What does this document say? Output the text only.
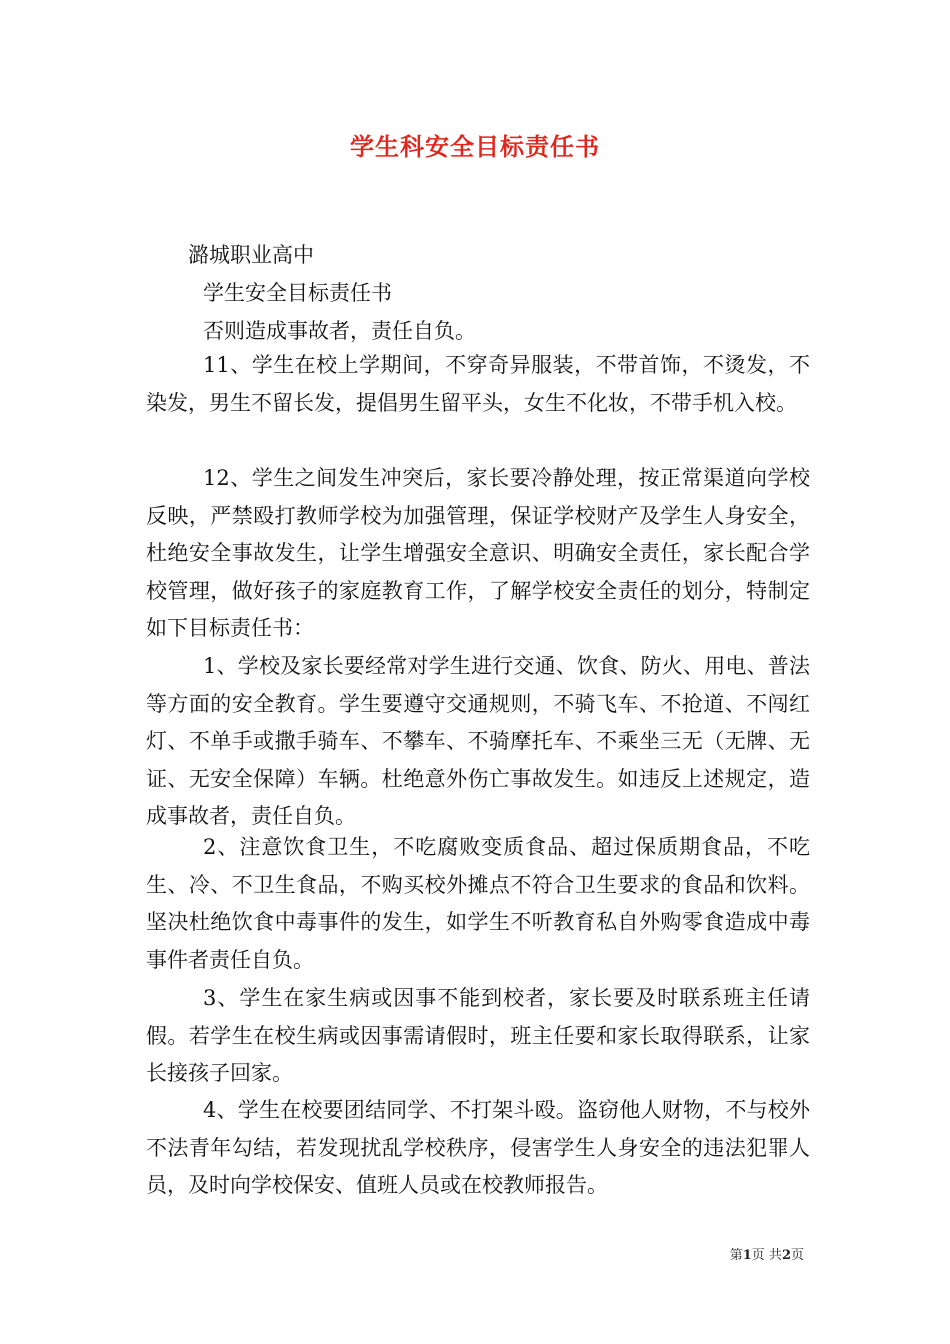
学生科安全目标责任书
潞城职业高中
学生安全目标责任书
否则造成事故者，责任自负。

11、学生在校上学期间，不穿奇异服装，不带首饰，不烫发，不染发，男生不留长发，提倡男生留平头，女生不化妆，不带手机入校。

12、学生之间发生冲突后，家长要冷静处理，按正常渠道向学校反映，严禁殴打教师学校为加强管理，保证学校财产及学生人身安全，杜绝安全事故发生，让学生增强安全意识、明确安全责任，家长配合学校管理，做好孩子的家庭教育工作，了解学校安全责任的划分，特制定如下目标责任书：

1、学校及家长要经常对学生进行交通、饮食、防火、用电、普法等方面的安全教育。学生要遵守交通规则，不骑飞车、不抢道、不闯红灯、不单手或撒手骑车、不攀车、不骑摩托车、不乘坐三无（无牌、无证、无安全保障）车辆。杜绝意外伤亡事故发生。如违反上述规定，造成事故者，责任自负。

2、注意饮食卫生，不吃腐败变质食品、超过保质期食品，不吃生、冷、不卫生食品，不购买校外摊点不符合卫生要求的食品和饮料。坚决杜绝饮食中毒事件的发生，如学生不听教育私自外购零食造成中毒事件者责任自负。

3、学生在家生病或因事不能到校者，家长要及时联系班主任请假。若学生在校生病或因事需请假时，班主任要和家长取得联系，让家长接孩子回家。

4、学生在校要团结同学、不打架斗殴。盗窃他人财物，不与校外不法青年勾结，若发现扰乱学校秩序，侵害学生人身安全的违法犯罪人员，及时向学校保安、值班人员或在校教师报告。

第1页 共2页
